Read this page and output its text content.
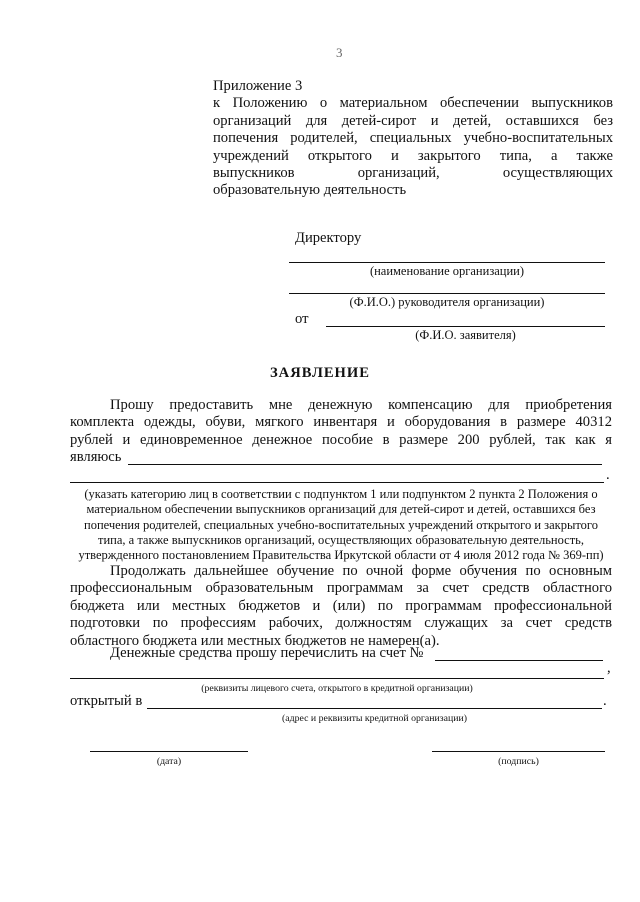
3
Приложение 3
к Положению о материальном обеспечении выпускников
организаций для детей-сирот и детей, оставшихся без
попечения родителей, специальных учебно-воспитательных
учреждений открытого и закрытого типа, а также
выпускников организаций, осуществляющих
образовательную деятельность
Директору
(наименование организации)
(Ф.И.О.) руководителя организации)
от
(Ф.И.О. заявителя)
ЗАЯВЛЕНИЕ
Прошу предоставить мне денежную компенсацию для приобретения
комплекта одежды, обуви, мягкого инвентаря и оборудования в размере 40312
рублей и единовременное денежное пособие в размере 200 рублей, так как я
являюсь
.
(указать категорию лиц в соответствии с подпунктом 1 или подпунктом 2 пункта 2 Положения о
материальном обеспечении выпускников организаций для детей-сирот и детей, оставшихся без
попечения родителей, специальных учебно-воспитательных учреждений открытого и закрытого
типа, а также выпускников организаций, осуществляющих образовательную деятельность,
утвержденного постановлением Правительства Иркутской области от 4 июля 2012 года № 369-пп)
Продолжать дальнейшее обучение по очной форме обучения по основным
профессиональным образовательным программам за счет средств областного
бюджета или местных бюджетов и (или) по программам профессиональной
подготовки по профессиям рабочих, должностям служащих за счет средств
областного бюджета или местных бюджетов не намерен(а).
Денежные средства прошу перечислить на счет №
,
(реквизиты лицевого счета, открытого в кредитной организации)
открытый в	.
(адрес и реквизиты кредитной организации)
(дата)	(подпись)
